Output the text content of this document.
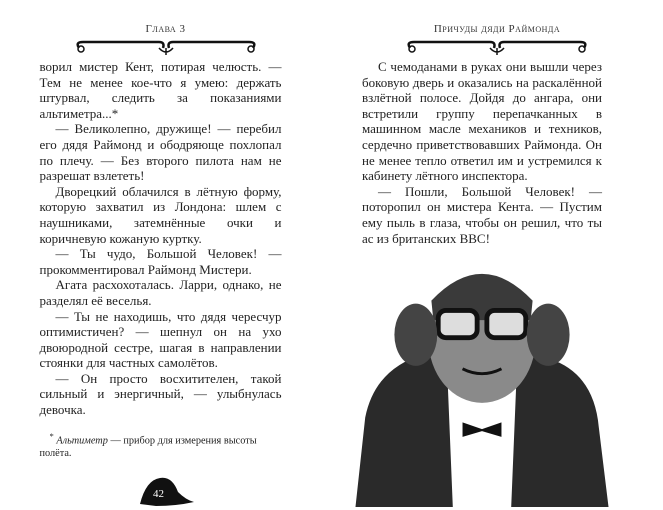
Глава 3

ворил мистер Кент, потирая челюсть. — Тем не менее кое-что я умею: держать штурвал, следить за показаниями альтиметра...*

— Великолепно, дружище! — перебил его дядя Раймонд и ободряюще похлопал по плечу. — Без второго пилота нам не разрешат взлететь!

Дворецкий облачился в лётную форму, которую захватил из Лондона: шлем с наушниками, затемнённые очки и коричневую кожаную куртку.

— Ты чудо, Большой Человек! — прокомментировал Раймонд Мистери.

Агата расхохоталась. Ларри, однако, не разделял её веселья.

— Ты не находишь, что дядя чересчур оптимистичен? — шепнул он на ухо двоюродной сестре, шагая в направлении стоянки для частных самолётов.

— Он просто восхитителен, такой сильный и энергичный, — улыбнулась девочка.

* Альтиметр — прибор для измерения высоты полёта.
42
Причуды дяди Раймонда

С чемоданами в руках они вышли через боковую дверь и оказались на раскалённой взлётной полосе. Дойдя до ангара, они встретили группу перепачканных в машинном масле механиков и техников, сердечно приветствовавших Раймонда. Он не менее тепло ответил им и устремился к кабинету лётного инспектора.

— Пошли, Большой Человек! — поторопил он мистера Кента. — Пустим ему пыль в глаза, чтобы он решил, что ты ас из британских ВВС!
